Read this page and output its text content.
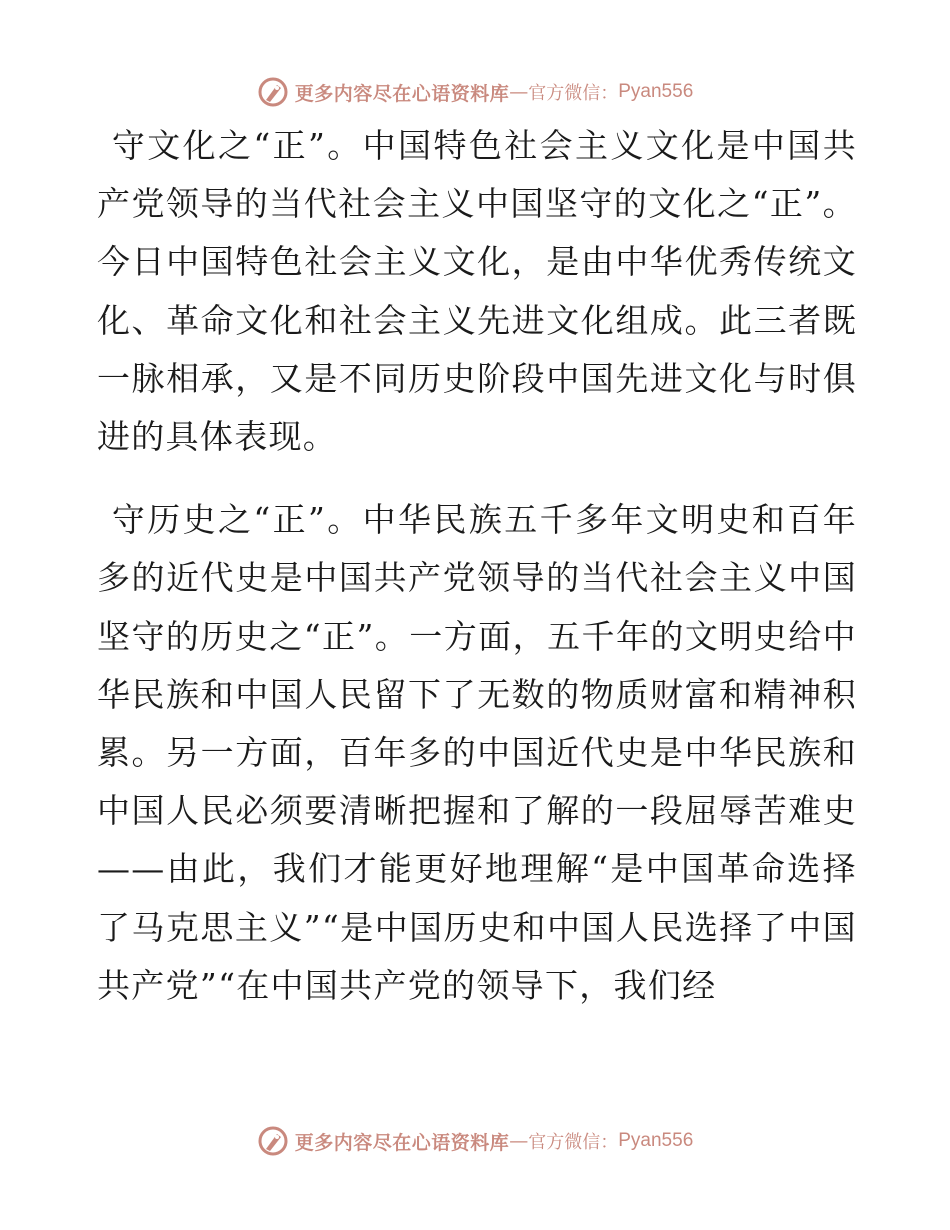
更多内容尽在心语资料库 — 官方微信： Pyan556

守文化之“正”。中国特色社会主义文化是中国共产党领导的当代社会主义中国坚守的文化之“正”。今日中国特色社会主义文化，是由中华优秀传统文化、革命文化和社会主义先进文化组成。此三者既一脉相承，又是不同历史阶段中国先进文化与时俱进的具体表现。

守历史之“正”。中华民族五千多年文明史和百年多的近代史是中国共产党领导的当代社会主义中国坚守的历史之“正”。一方面，五千年的文明史给中华民族和中国人民留下了无数的物质财富和精神积累。另一方面，百年多的中国近代史是中华民族和中国人民必须要清晰把握和了解的一段屈辱苦难史——由此，我们才能更好地理解“是中国革命选择了马克思主义”“是中国历史和中国人民选择了中国共产党”“在中国共产党的领导下，我们经

更多内容尽在心语资料库 — 官方微信： Pyan556
